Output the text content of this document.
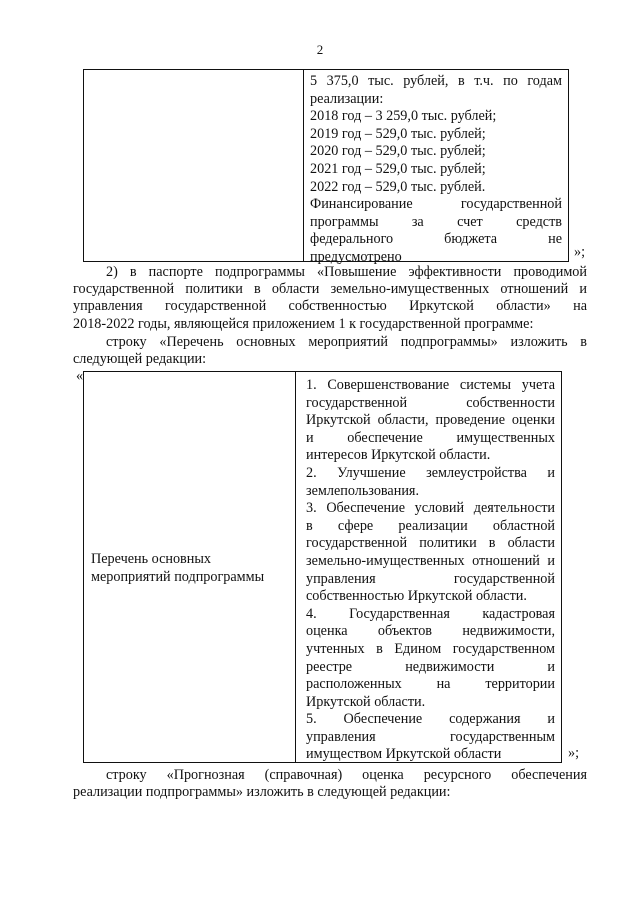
2
5 375,0 тыс. рублей, в т.ч. по годам
реализации:
2018 год – 3 259,0 тыс. рублей;
2019 год – 529,0 тыс. рублей;
2020 год – 529,0 тыс. рублей;
2021 год – 529,0 тыс. рублей;
2022 год – 529,0 тыс. рублей.
Финансирование государственной
программы за счет средств
федерального бюджета не
предусмотрено	»;
2) в паспорте подпрограммы «Повышение эффективности проводимой
государственной политики в области земельно-имущественных отношений и
управления государственной собственностью Иркутской области» на
2018-2022 годы, являющейся приложением 1 к государственной программе:
строку «Перечень основных мероприятий подпрограммы» изложить в
следующей редакции:
«
Перечень основных
мероприятий подпрограммы
1. Совершенствование системы учета
государственной собственности
Иркутской области, проведение оценки
и обеспечение имущественных
интересов Иркутской области.
2. Улучшение землеустройства и
землепользования.
3. Обеспечение условий деятельности
в сфере реализации областной
государственной политики в области
земельно-имущественных отношений и
управления государственной
собственностью Иркутской области.
4. Государственная кадастровая
оценка объектов недвижимости,
учтенных в Едином государственном
реестре недвижимости и
расположенных на территории
Иркутской области.
5. Обеспечение содержания и
управления государственным
имуществом Иркутской области	»;
строку «Прогнозная (справочная) оценка ресурсного обеспечения
реализации подпрограммы» изложить в следующей редакции:
